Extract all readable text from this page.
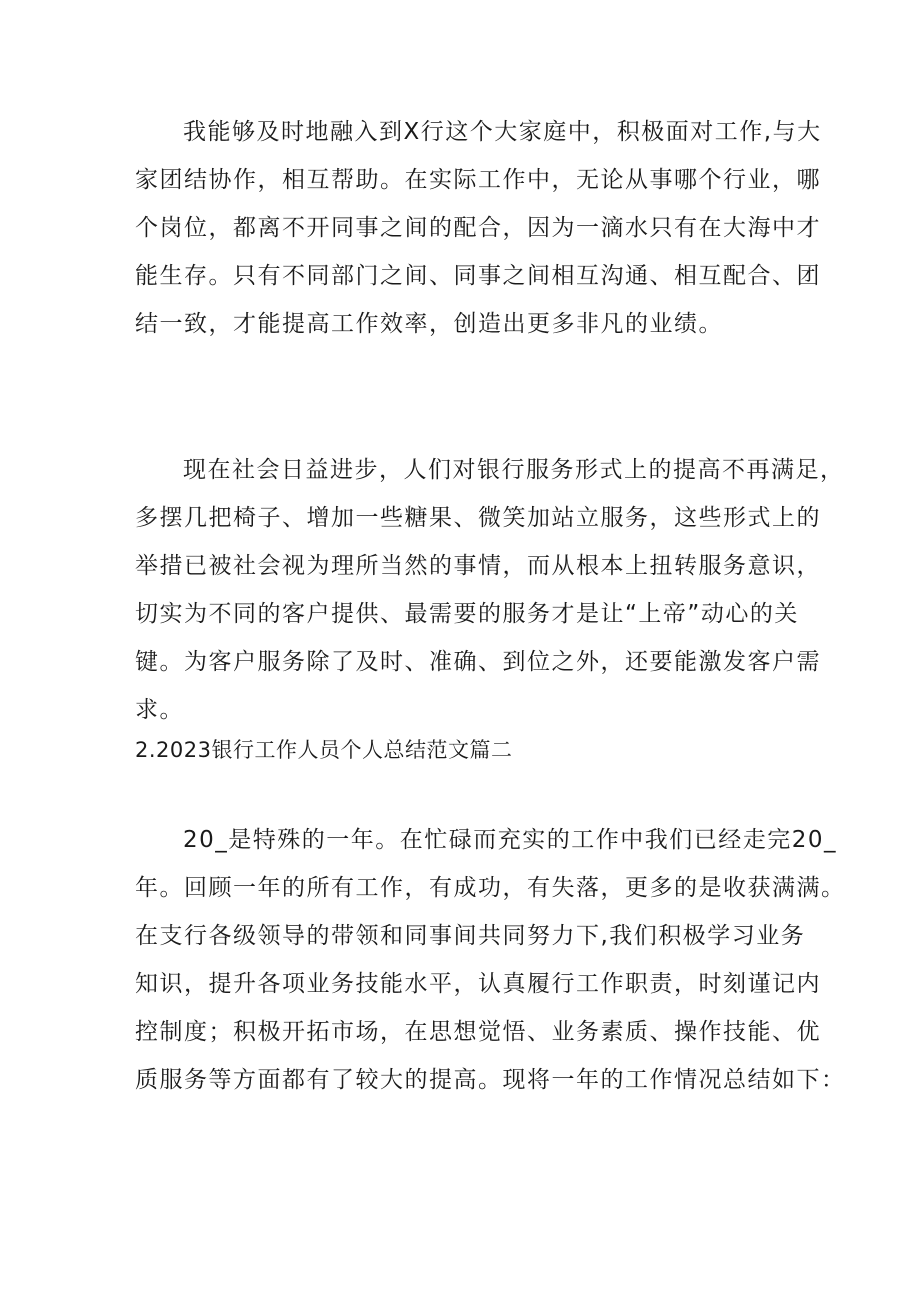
我能够及时地融入到X行这个大家庭中，积极面对工作,与大
家团结协作，相互帮助。在实际工作中，无论从事哪个行业，哪
个岗位，都离不开同事之间的配合，因为一滴水只有在大海中才
能生存。只有不同部门之间、同事之间相互沟通、相互配合、团
结一致，才能提高工作效率，创造出更多非凡的业绩。
现在社会日益进步，人们对银行服务形式上的提高不再满足，
多摆几把椅子、增加一些糖果、微笑加站立服务，这些形式上的
举措已被社会视为理所当然的事情，而从根本上扭转服务意识，
切实为不同的客户提供、最需要的服务才是让“上帝”动心的关
键。为客户服务除了及时、准确、到位之外，还要能激发客户需
求。
2.2023银行工作人员个人总结范文篇二
20_是特殊的一年。在忙碌而充实的工作中我们已经走完20_
年。回顾一年的所有工作，有成功，有失落，更多的是收获满满。
在支行各级领导的带领和同事间共同努力下,我们积极学习业务
知识，提升各项业务技能水平，认真履行工作职责，时刻谨记内
控制度；积极开拓市场，在思想觉悟、业务素质、操作技能、优
质服务等方面都有了较大的提高。现将一年的工作情况总结如下：
